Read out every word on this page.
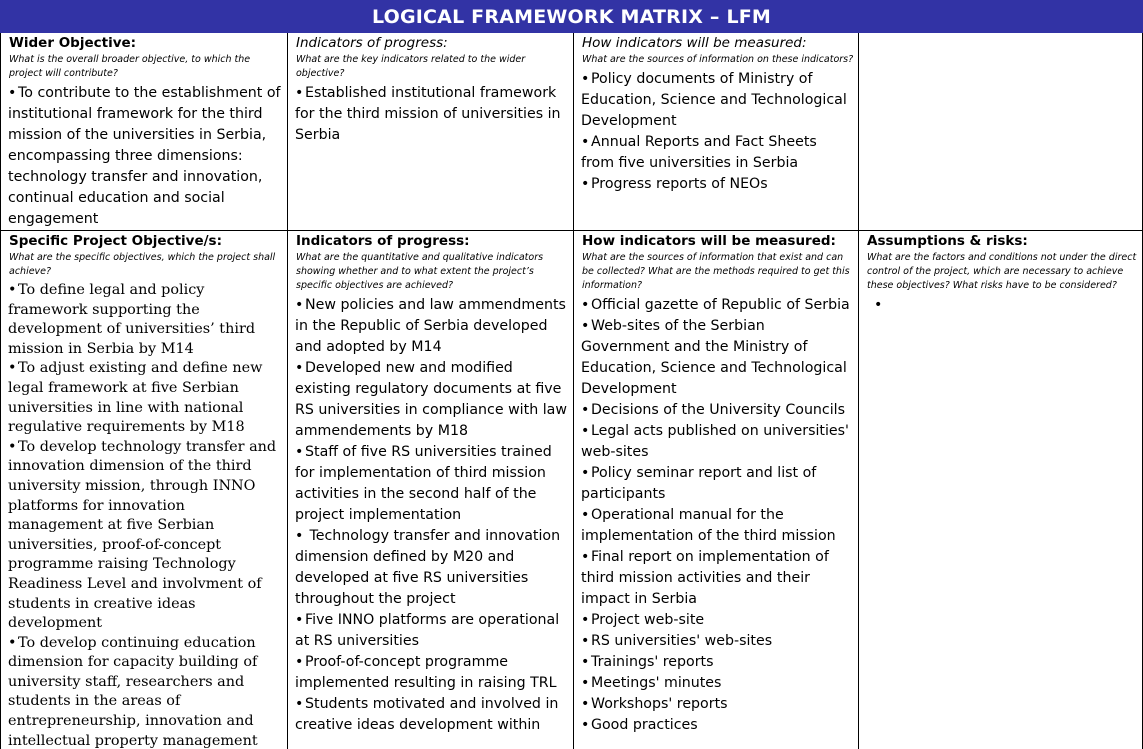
LOGICAL FRAMEWORK MATRIX – LFM
Wider Objective:
What is the overall broader objective, to which the project will contribute?
• To contribute to the establishment of institutional framework for the third mission of the universities in Serbia, encompassing three dimensions: technology transfer and innovation, continual education and social engagement
Indicators of progress:
What are the key indicators related to the wider objective?
• Established institutional framework for the third mission of universities in Serbia
How indicators will be measured:
What are the sources of information on these indicators?
• Policy documents of Ministry of Education, Science and Technological Development
• Annual Reports and Fact Sheets from five universities in Serbia
• Progress reports of NEOs
Specific Project Objective/s:
What are the specific objectives, which the project shall achieve?
• To define legal and policy framework supporting the development of universities’ third mission in Serbia by M14
• To adjust existing and define new legal framework at five Serbian universities in line with national regulative requirements by M18
• To develop technology transfer and innovation dimension of the third university mission, through INNO platforms for innovation management at five Serbian universities, proof-of-concept programme raising Technology Readiness Level and involvment of students in creative ideas development
• To develop continuing education dimension for capacity building of university staff, researchers and students in the areas of entrepreneurship, innovation and intellectual property management
Indicators of progress:
What are the quantitative and qualitative indicators showing whether and to what extent the project’s specific objectives are achieved?
• New policies and law ammendments in the Republic of Serbia developed and adopted by M14
• Developed new and modified existing regulatory documents at five RS universities in compliance with law ammendements by M18
• Staff of five RS universities trained for implementation of third mission activities in the second half of the project implementation
• Technology transfer and innovation dimension defined by M20 and developed at five RS universities throughout the project
• Five INNO platforms are operational at RS universities
• Proof-of-concept programme implemented resulting in raising TRL
• Students motivated and involved in creative ideas development within
How indicators will be measured:
What are the sources of information that exist and can be collected? What are the methods required to get this information?
• Official gazette of Republic of Serbia
• Web-sites of the Serbian Government and the Ministry of Education, Science and Technological Development
• Decisions of the University Councils
• Legal acts published on universities' web-sites
• Policy seminar report and list of participants
• Operational manual for the implementation of the third mission
• Final report on implementation of third mission activities and their impact in Serbia
• Project web-site
• RS universities' web-sites
• Trainings' reports
• Meetings' minutes
• Workshops' reports
• Good practices
Assumptions & risks:
What are the factors and conditions not under the direct control of the project, which are necessary to achieve these objectives? What risks have to be considered?
•
